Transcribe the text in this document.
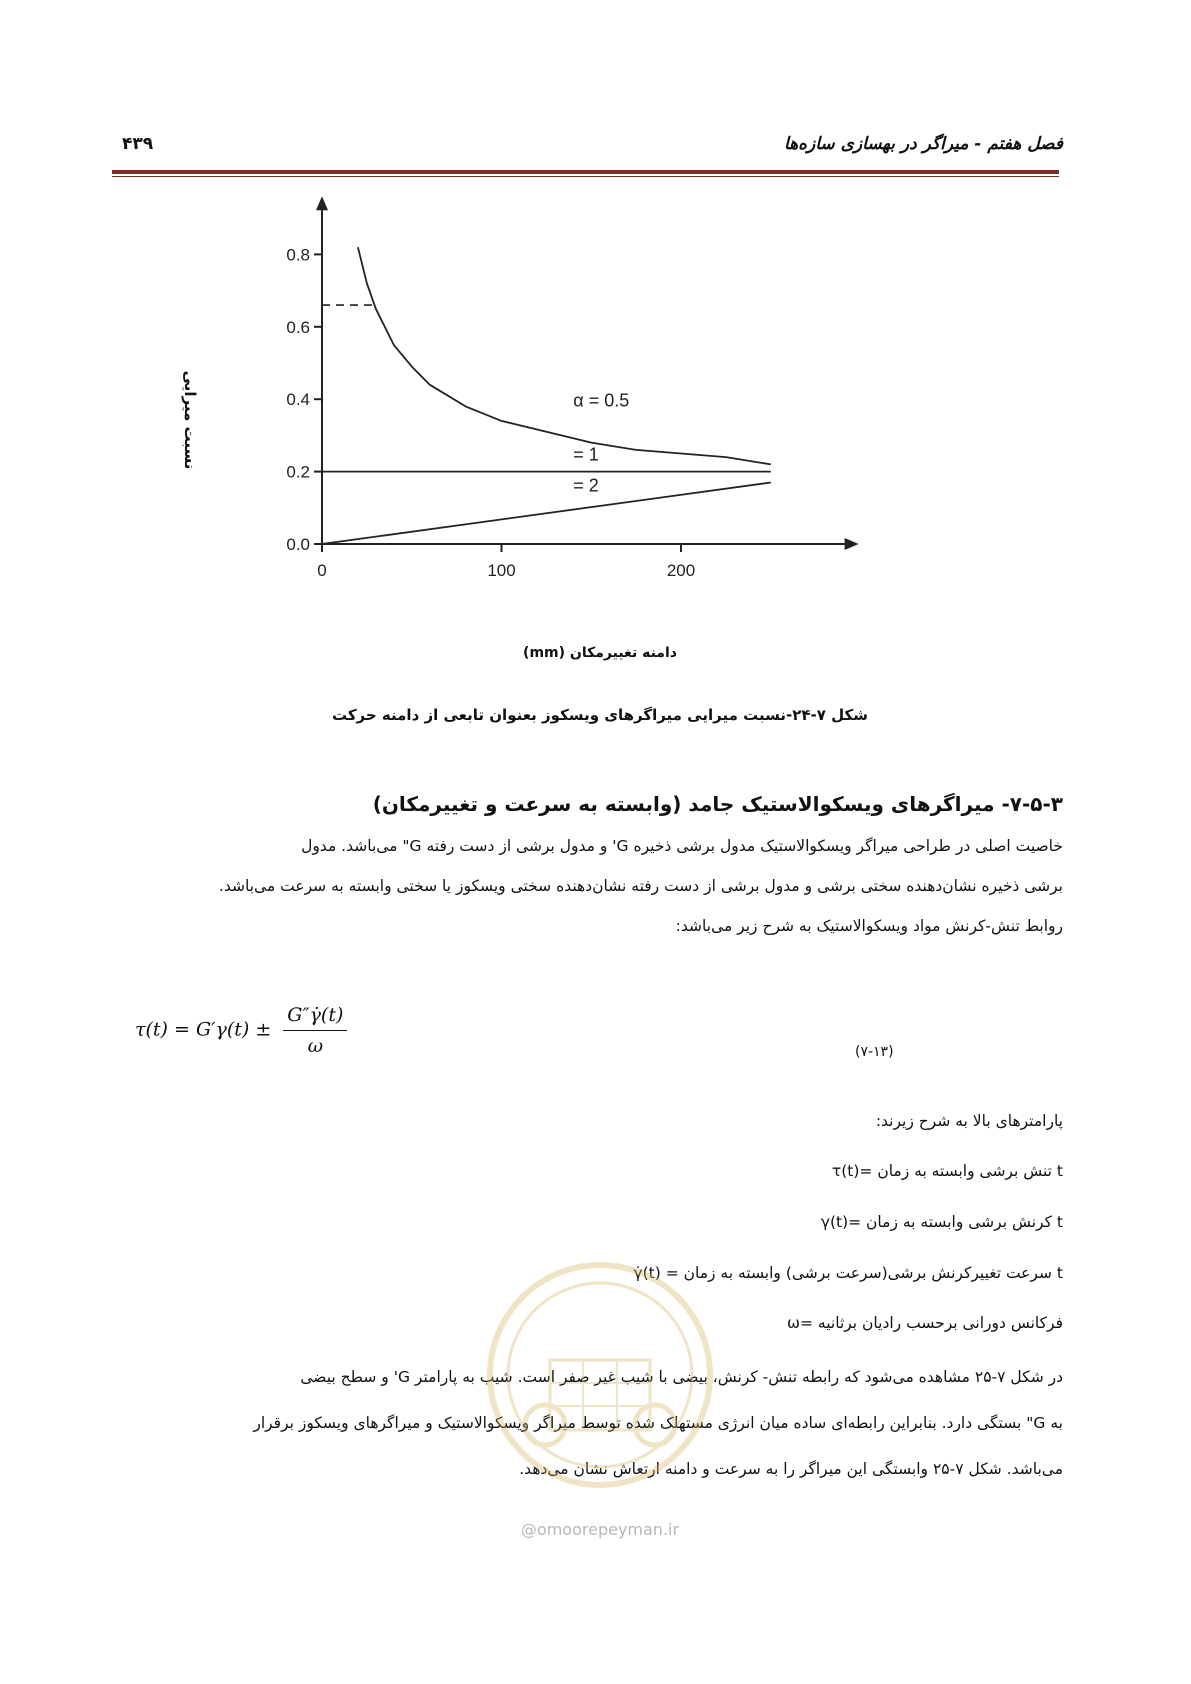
فصل هفتم - میراگر در بهسازی سازه‌ها
۴۳۹
0.0
0.2
0.4
0.6
0.8
0	100	200
α = 0.5
= 1
= 2
نسبت میرایی
دامنه تغییرمکان (mm)
شکل ۷-۲۴-نسبت میرایی میراگرهای ویسکوز بعنوان تابعی از دامنه حرکت
۷-۵-۳- میراگرهای ویسکوالاستیک جامد (وابسته به سرعت و تغییرمکان)
خاصیت اصلی در طراحی میراگر ویسکوالاستیک مدول برشی ذخیره G' و مدول برشی از دست رفته G" می‌باشد. مدول
برشی ذخیره نشان‌دهنده سختی برشی و مدول برشی از دست رفته نشان‌دهنده سختی ویسکوز یا سختی وابسته به سرعت می‌باشد.
روابط تنش-کرنش مواد ویسکوالاستیک به شرح زیر می‌باشد:
$\tau(t) = G'\gamma(t) \pm \frac{G''\gammȧ(t)}{\omega}$	(۷-۱۳)
پارامترهای بالا به شرح زیرند:
τ(t)= تنش برشی وابسته به زمان t
γ(t)= کرنش برشی وابسته به زمان t
γ̇(t) = سرعت تغییرکرنش برشی(سرعت برشی) وابسته به زمان t
ω= فرکانس دورانی برحسب رادیان برثانیه
در شکل ۷-۲۵ مشاهده می‌شود که رابطه تنش- کرنش، بیضی با شیب غیر صفر است. شیب به پارامتر G' و سطح بیضی
به G" بستگی دارد. بنابراین رابطه‌ای ساده میان انرژی مستهلک شده توسط میراگر ویسکوالاستیک و میراگرهای ویسکوز برقرار
می‌باشد. شکل ۷-۲۵ وابستگی این میراگر را به سرعت و دامنه ارتعاش نشان می‌دهد.
@omoorepeyman.ir
